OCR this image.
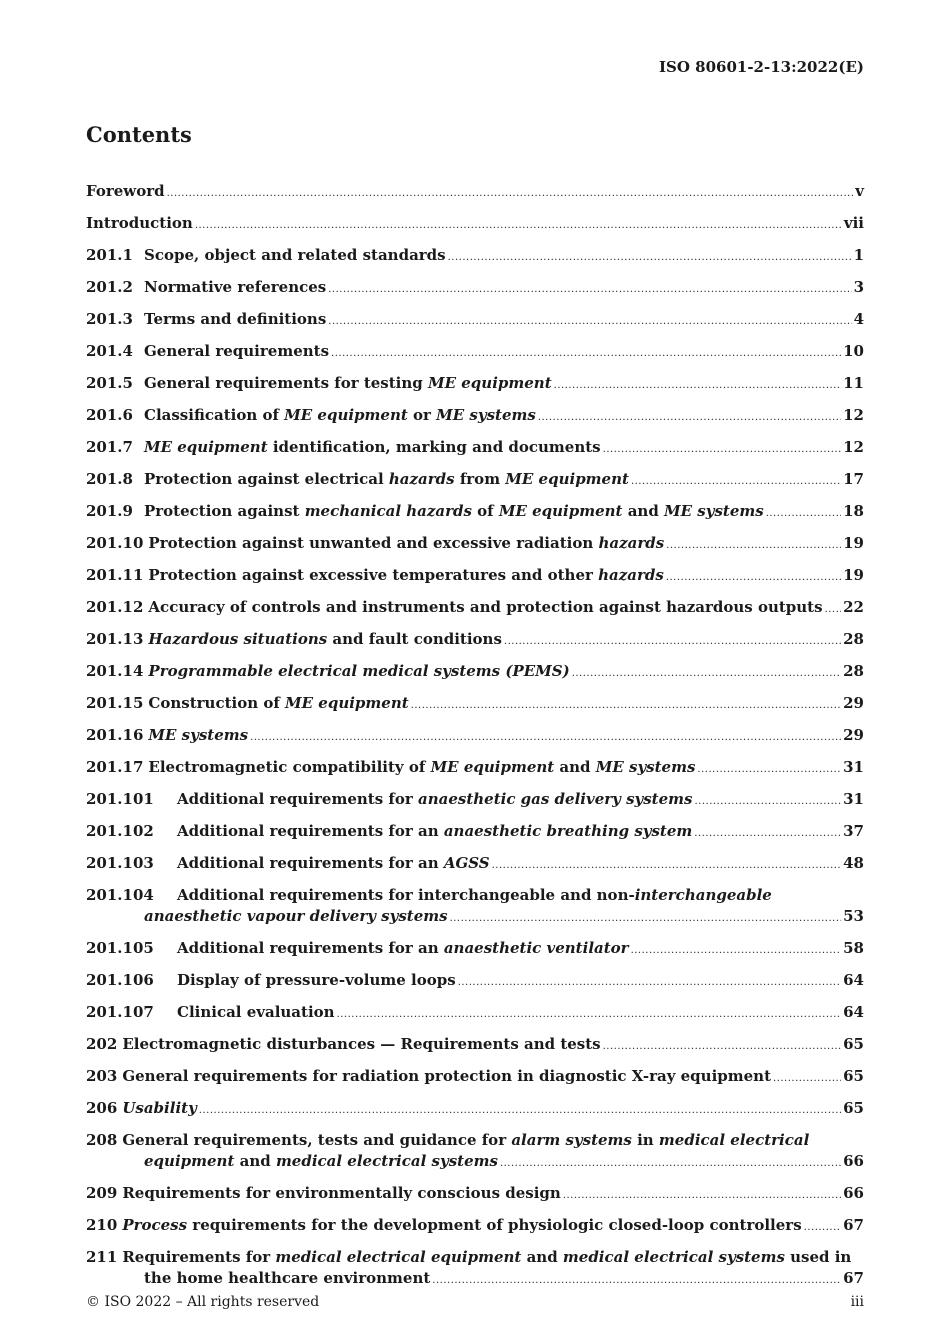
ISO 80601-2-13:2022(E)
Contents
Foreword .....	v
Introduction .....	vii
201.1 Scope, object and related standards .....	1
201.2 Normative references .....	3
201.3 Terms and definitions .....	4
201.4 General requirements .....	10
201.5 General requirements for testing ME equipment .....	11
201.6 Classification of ME equipment or ME systems .....	12
201.7 ME equipment identification, marking and documents .....	12
201.8 Protection against electrical hazards from ME equipment .....	17
201.9 Protection against mechanical hazards of ME equipment and ME systems .....	18
201.10 Protection against unwanted and excessive radiation hazards .....	19
201.11 Protection against excessive temperatures and other hazards .....	19
201.12 Accuracy of controls and instruments and protection against hazardous outputs ..... 22
201.13 Hazardous situations and fault conditions .....	28
201.14 Programmable electrical medical systems (PEMS) .....	28
201.15 Construction of ME equipment .....	29
201.16 ME systems .....	29
201.17 Electromagnetic compatibility of ME equipment and ME systems .....	31
201.101	Additional requirements for anaesthetic gas delivery systems .....	31
201.102	Additional requirements for an anaesthetic breathing system .....	37
201.103	Additional requirements for an AGSS .....	48
201.104	Additional requirements for interchangeable and non-interchangeable
anaesthetic vapour delivery systems .....	53
201.105	Additional requirements for an anaesthetic ventilator .....	58
201.106	Display of pressure-volume loops .....	64
201.107	Clinical evaluation .....	64
202 Electromagnetic disturbances — Requirements and tests .....	65
203 General requirements for radiation protection in diagnostic X-ray equipment .....	65
206 Usability .....	65
208 General requirements, tests and guidance for alarm systems in medical electrical
equipment and medical electrical systems .....	66
209 Requirements for environmentally conscious design .....	66
210 Process requirements for the development of physiologic closed-loop controllers .....	67
211 Requirements for medical electrical equipment and medical electrical systems used in
the home healthcare environment .....	67
© ISO 2022 – All rights reserved	iii
